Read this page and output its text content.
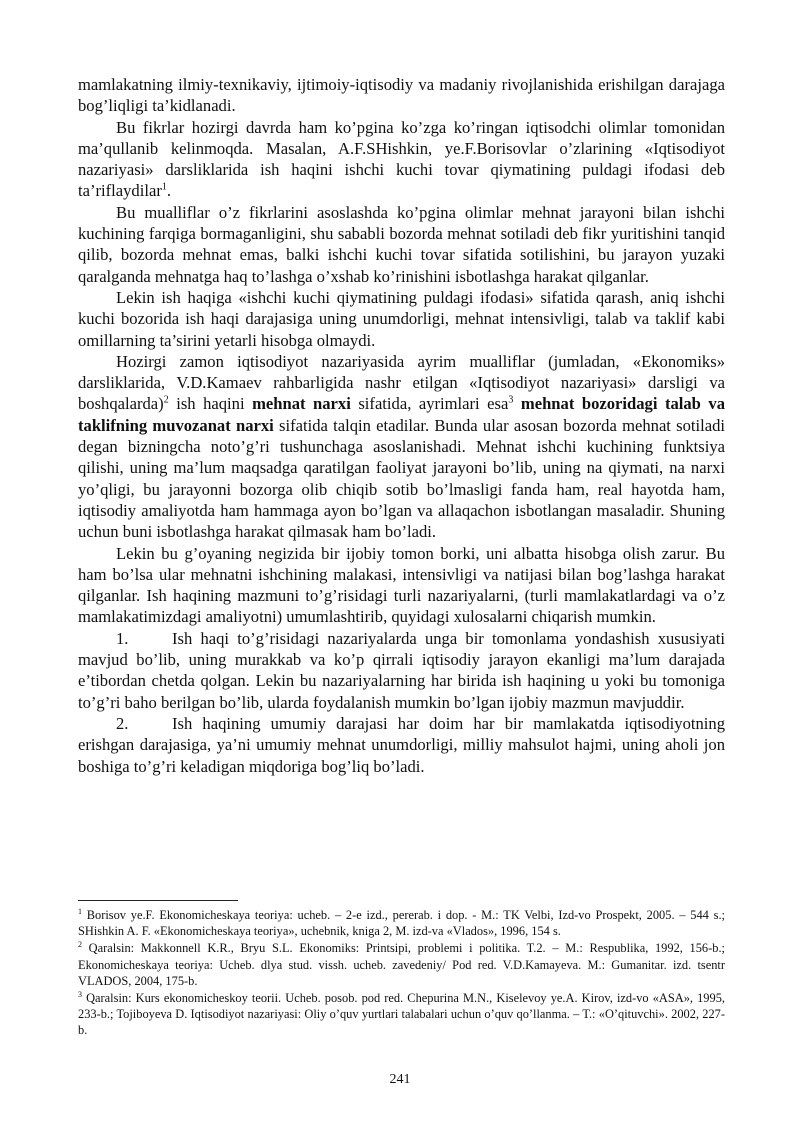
mamlakatning ilmiy-texnikaviy, ijtimoiy-iqtisodiy va madaniy rivojlanishida erishilgan darajaga bog’liqligi ta’kidlanadi.

Bu fikrlar hozirgi davrda ham ko’pgina ko’zga ko’ringan iqtisodchi olimlar tomonidan ma’qullanib kelinmoqda. Masalan, A.F.SHishkin, ye.F.Borisovlar o’zlarining «Iqtisodiyot nazariyasi» darsliklarida ish haqini ishchi kuchi tovar qiymatining puldagi ifodasi deb ta’riflaydilar$^1$.

Bu mualliflar o’z fikrlarini asoslashda ko’pgina olimlar mehnat jarayoni bilan ishchi kuchining farqiga bormaganligini, shu sababli bozorda mehnat sotiladi deb fikr yuritishini tanqid qilib, bozorda mehnat emas, balki ishchi kuchi tovar sifatida sotilishini, bu jarayon yuzaki qaralganda mehnatga haq to’lashga o’xshab ko’rinishini isbotlashga harakat qilganlar.

Lekin ish haqiga «ishchi kuchi qiymatining puldagi ifodasi» sifatida qarash, aniq ishchi kuchi bozorida ish haqi darajasiga uning unumdorligi, mehnat intensivligi, talab va taklif kabi omillarning ta’sirini yetarli hisobga olmaydi.

Hozirgi zamon iqtisodiyot nazariyasida ayrim mualliflar (jumladan, «Ekonomiks» darsliklarida, V.D.Kamaev rahbarligida nashr etilgan «Iqtisodiyot nazariyasi» darsligi va boshqalarda)$^2$ ish haqini mehnat narxi sifatida, ayrimlari esa$^3$ mehnat bozoridagi talab va taklifning muvozanat narxi sifatida talqin etadilar. Bunda ular asosan bozorda mehnat sotiladi degan bizningcha noto’g’ri tushunchaga asoslanishadi. Mehnat ishchi kuchining funktsiya qilishi, uning ma’lum maqsadga qaratilgan faoliyat jarayoni bo’lib, uning na qiymati, na narxi yo’qligi, bu jarayonni bozorga olib chiqib sotib bo’lmasligi fanda ham, real hayotda ham, iqtisodiy amaliyotda ham hammaga ayon bo’lgan va allaqachon isbotlangan masaladir. Shuning uchun buni isbotlashga harakat qilmasak ham bo’ladi.

Lekin bu g’oyaning negizida bir ijobiy tomon borki, uni albatta hisobga olish zarur. Bu ham bo’lsa ular mehnatni ishchining malakasi, intensivligi va natijasi bilan bog’lashga harakat qilganlar. Ish haqining mazmuni to’g’risidagi turli nazariyalarni, (turli mamlakatlardagi va o’z mamlakatimizdagi amaliyotni) umumlashtirib, quyidagi xulosalarni chiqarish mumkin.

1.	Ish haqi to’g’risidagi nazariyalarda unga bir tomonlama yondashish xususiyati mavjud bo’lib, uning murakkab va ko’p qirrali iqtisodiy jarayon ekanligi ma’lum darajada e’tibordan chetda qolgan. Lekin bu nazariyalarning har birida ish haqining u yoki bu tomoniga to’g’ri baho berilgan bo’lib, ularda foydalanish mumkin bo’lgan ijobiy mazmun mavjuddir.

2.	Ish haqining umumiy darajasi har doim har bir mamlakatda iqtisodiyotning erishgan darajasiga, ya’ni umumiy mehnat unumdorligi, milliy mahsulot hajmi, uning aholi jon boshiga to’g’ri keladigan miqdoriga bog’liq bo’ladi.

$^1$ Borisov ye.F. Ekonomicheskaya teoriya: ucheb. – 2-e izd., pererab. i dop. - M.: TK Velbi, Izd-vo Prospekt, 2005. – 544 s.; SHishkin A. F. «Ekonomicheskaya teoriya», uchebnik, kniga 2, M. izd-va «Vlados», 1996, 154 s.

$^2$ Qaralsin: Makkonnell K.R., Bryu S.L. Ekonomiks: Printsipi, problemi i politika. T.2. – M.: Respublika, 1992, 156-b.; Ekonomicheskaya teoriya: Ucheb. dlya stud. vissh. ucheb. zavedeniy/ Pod red. V.D.Kamayeva. M.: Gumanitar. izd. tsentr VLADOS, 2004, 175-b.

$^3$ Qaralsin: Kurs ekonomicheskoy teorii. Ucheb. posob. pod red. Chepurina M.N., Kiselevoy ye.A. Kirov, izd-vo «ASA», 1995, 233-b.; Tojiboyeva D. Iqtisodiyot nazariyasi: Oliy o’quv yurtlari talabalari uchun o’quv qo’llanma. – T.: «O’qituvchi». 2002, 227-b.

241
